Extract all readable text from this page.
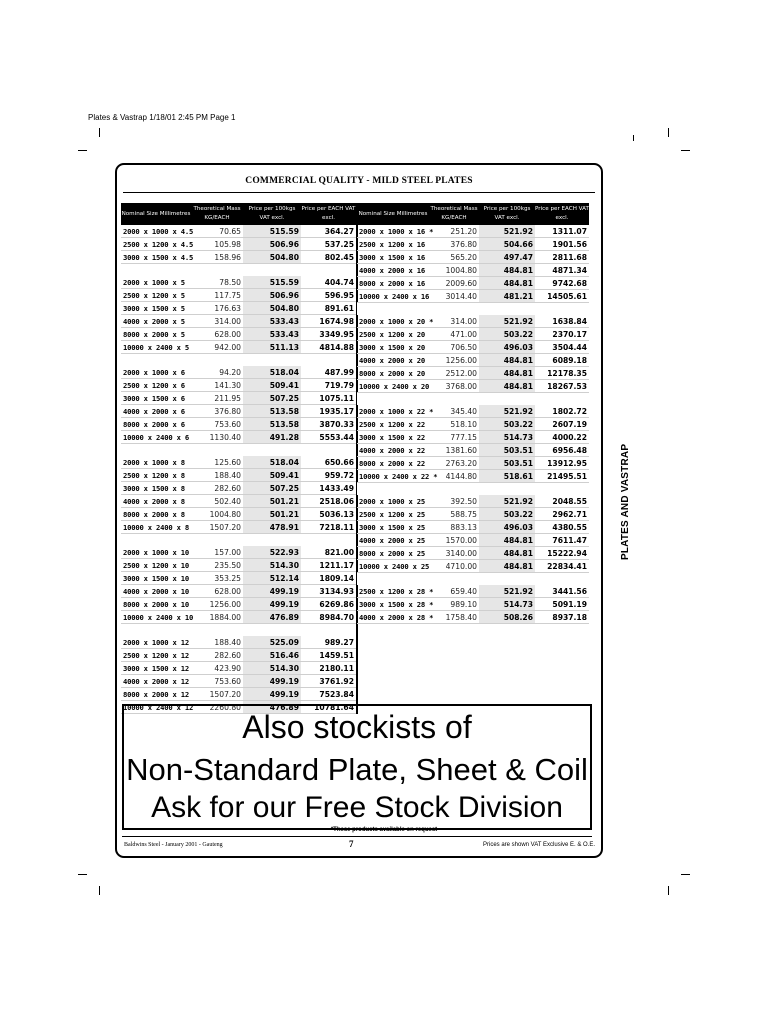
Plates & Vastrap 1/18/01 2:45 PM Page 1
COMMERCIAL QUALITY - MILD STEEL PLATES
Nominal Size Millimetres	Theoretical Mass KG/EACH	Price per 100kgs VAT excl.	Price per EACH VAT excl.
2000 x 1000 x 4.5	70.65	515.59	364.27
2500 x 1200 x 4.5	105.98	506.96	537.25
3000 x 1500 x 4.5	158.96	504.80	802.45

2000 x 1000 x 5	78.50	515.59	404.74
2500 x 1200 x 5	117.75	506.96	596.95
3000 x 1500 x 5	176.63	504.80	891.61
4000 x 2000 x 5	314.00	533.43	1674.98
8000 x 2000 x 5	628.00	533.43	3349.95
10000 x 2400 x 5	942.00	511.13	4814.88

2000 x 1000 x 6	94.20	518.04	487.99
2500 x 1200 x 6	141.30	509.41	719.79
3000 x 1500 x 6	211.95	507.25	1075.11
4000 x 2000 x 6	376.80	513.58	1935.17
8000 x 2000 x 6	753.60	513.58	3870.33
10000 x 2400 x 6	1130.40	491.28	5553.44

2000 x 1000 x 8	125.60	518.04	650.66
2500 x 1200 x 8	188.40	509.41	959.72
3000 x 1500 x 8	282.60	507.25	1433.49
4000 x 2000 x 8	502.40	501.21	2518.06
8000 x 2000 x 8	1004.80	501.21	5036.13
10000 x 2400 x 8	1507.20	478.91	7218.11

2000 x 1000 x 10	157.00	522.93	821.00
2500 x 1200 x 10	235.50	514.30	1211.17
3000 x 1500 x 10	353.25	512.14	1809.14
4000 x 2000 x 10	628.00	499.19	3134.93
8000 x 2000 x 10	1256.00	499.19	6269.86
10000 x 2400 x 10	1884.00	476.89	8984.70

2000 x 1000 x 12	188.40	525.09	989.27
2500 x 1200 x 12	282.60	516.46	1459.51
3000 x 1500 x 12	423.90	514.30	2180.11
4000 x 2000 x 12	753.60	499.19	3761.92
8000 x 2000 x 12	1507.20	499.19	7523.84
10000 x 2400 x 12	2260.80	476.89	10781.64
Nominal Size Millimetres	Theoretical Mass KG/EACH	Price per 100kgs VAT excl.	Price per EACH VAT excl.
2000 x 1000 x 16 *	251.20	521.92	1311.07
2500 x 1200 x 16	376.80	504.66	1901.56
3000 x 1500 x 16	565.20	497.47	2811.68
4000 x 2000 x 16	1004.80	484.81	4871.34
8000 x 2000 x 16	2009.60	484.81	9742.68
10000 x 2400 x 16	3014.40	481.21	14505.61

2000 x 1000 x 20 *	314.00	521.92	1638.84
2500 x 1200 x 20	471.00	503.22	2370.17
3000 x 1500 x 20	706.50	496.03	3504.44
4000 x 2000 x 20	1256.00	484.81	6089.18
8000 x 2000 x 20	2512.00	484.81	12178.35
10000 x 2400 x 20	3768.00	484.81	18267.53

2000 x 1000 x 22 *	345.40	521.92	1802.72
2500 x 1200 x 22	518.10	503.22	2607.19
3000 x 1500 x 22	777.15	514.73	4000.22
4000 x 2000 x 22	1381.60	503.51	6956.48
8000 x 2000 x 22	2763.20	503.51	13912.95
10000 x 2400 x 22 *	4144.80	518.61	21495.51

2000 x 1000 x 25	392.50	521.92	2048.55
2500 x 1200 x 25	588.75	503.22	2962.71
3000 x 1500 x 25	883.13	496.03	4380.55
4000 x 2000 x 25	1570.00	484.81	7611.47
8000 x 2000 x 25	3140.00	484.81	15222.94
10000 x 2400 x 25	4710.00	484.81	22834.41

2500 x 1200 x 28 *	659.40	521.92	3441.56
3000 x 1500 x 28 *	989.10	514.73	5091.19
4000 x 2000 x 28 *	1758.40	508.26	8937.18
Also stockists of
Non-Standard Plate, Sheet & Coil
Ask for our Free Stock Division
*These products available on request
Baldwins Steel - January 2001 - Gauteng	7	Prices are shown VAT Exclusive E. & O.E.
PLATES AND VASTRAP
